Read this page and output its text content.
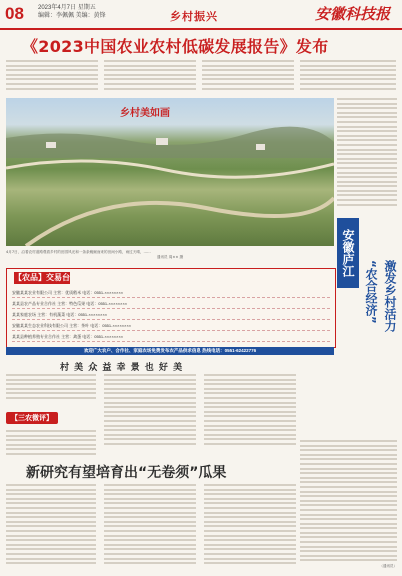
08 2023年4月7日 星期五
编辑：李佩佩 美编：黄锋	乡村振兴	安徽科技报
《2023中国农业农村低碳发展报告》发布
乡村美如画
4月7日，沿着农村道路观看乡村的田园风光和一条条蜿蜒而来的田间小路，雨过天晴，……
通讯员 周×× 摄	安徽庐江
“农合经济” 激发乡村活力
（通讯员）
【农品】交易台
安徽某某农业有限公司 主营：优质稻米 电话：0551-××××××××
某某县农产品专业合作社 主营：特色瓜果 电话：0551-××××××××
某某家庭农场 主营：有机蔬菜 电话：0551-××××××××
安徽某某生态农业科技有限公司 主营：茶叶 电话：0551-××××××××
某某县种植养殖专业合作社 主营：禽蛋 电话：0551-××××××××
欢迎广大农户、合作社、家庭农场免费发布农产品供求信息 热线电话：0551-62422776
村 美 众 益 幸 景 也 好 美
【三农微评】
新研究有望培育出“无卷须”瓜果
